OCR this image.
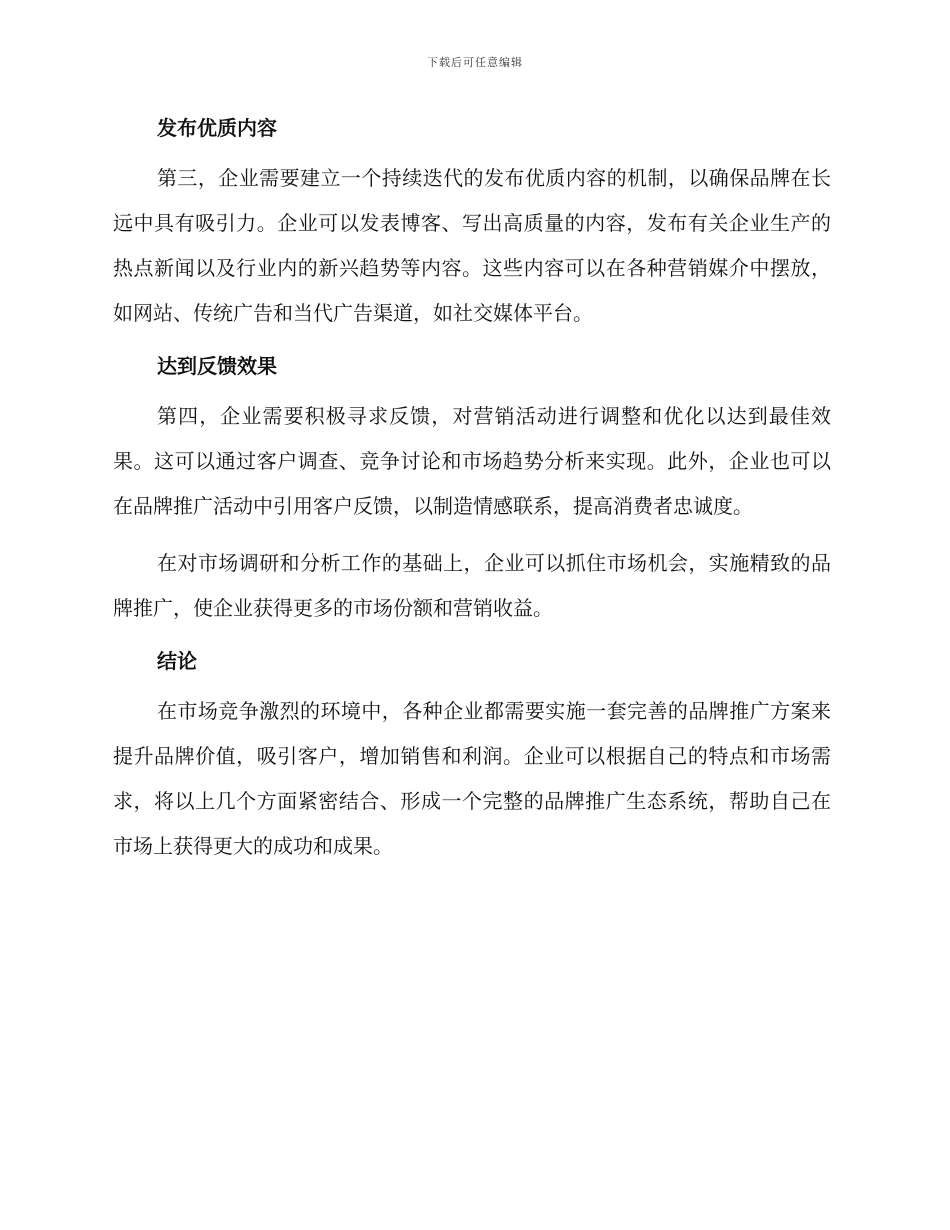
下载后可任意编辑
发布优质内容

第三，企业需要建立一个持续迭代的发布优质内容的机制，以确保品牌在长远中具有吸引力。企业可以发表博客、写出高质量的内容，发布有关企业生产的热点新闻以及行业内的新兴趋势等内容。这些内容可以在各种营销媒介中摆放，如网站、传统广告和当代广告渠道，如社交媒体平台。

达到反馈效果

第四，企业需要积极寻求反馈，对营销活动进行调整和优化以达到最佳效果。这可以通过客户调查、竞争讨论和市场趋势分析来实现。此外，企业也可以在品牌推广活动中引用客户反馈，以制造情感联系，提高消费者忠诚度。

在对市场调研和分析工作的基础上，企业可以抓住市场机会，实施精致的品牌推广，使企业获得更多的市场份额和营销收益。

结论

在市场竞争激烈的环境中，各种企业都需要实施一套完善的品牌推广方案来提升品牌价值，吸引客户，增加销售和利润。企业可以根据自己的特点和市场需求，将以上几个方面紧密结合、形成一个完整的品牌推广生态系统，帮助自己在市场上获得更大的成功和成果。
